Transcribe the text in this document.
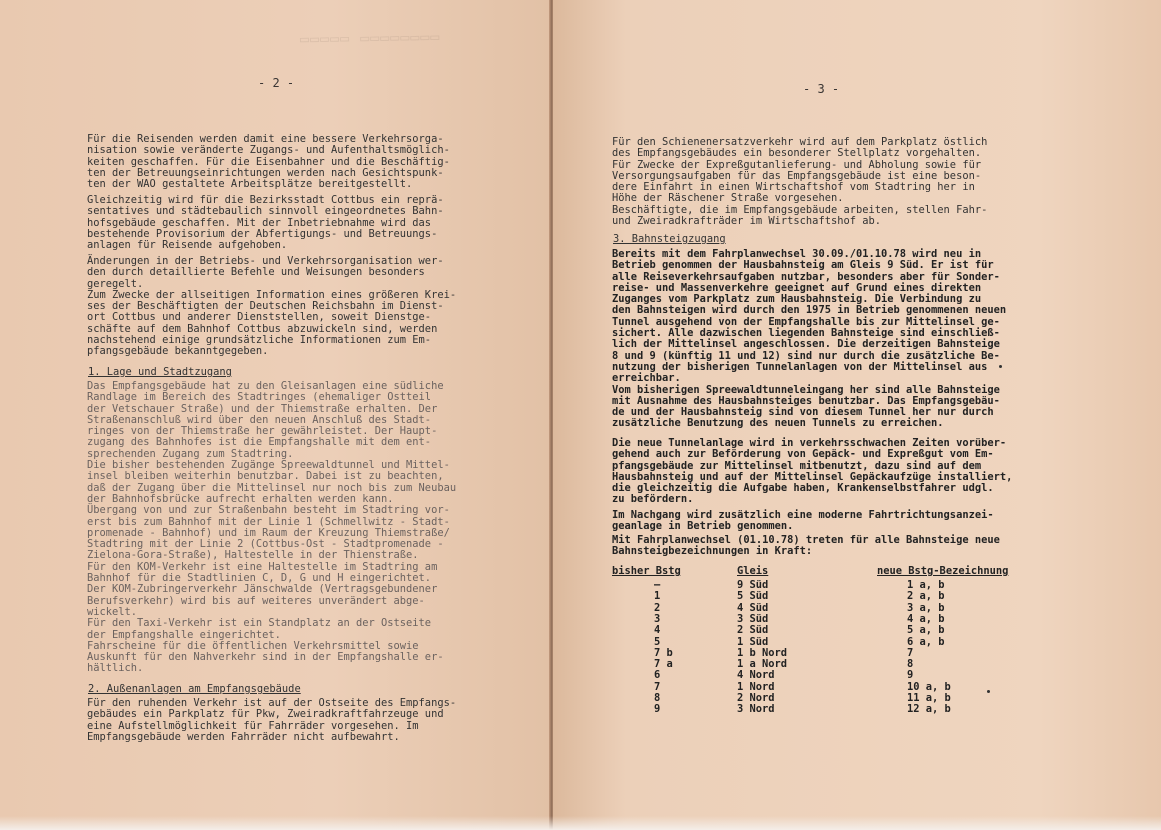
▭▭▭▭▭ ▭▭▭▭▭▭▭▭
- 2 -
Für die Reisenden werden damit eine bessere Verkehrsorga-
nisation sowie veränderte Zugangs- und Aufenthaltsmöglich-
keiten geschaffen. Für die Eisenbahner und die Beschäftig-
ten der Betreuungseinrichtungen werden nach Gesichtspunk-
ten der WAO gestaltete Arbeitsplätze bereitgestellt.
Gleichzeitig wird für die Bezirksstadt Cottbus ein reprä-
sentatives und städtebaulich sinnvoll eingeordnetes Bahn-
hofsgebäude geschaffen. Mit der Inbetriebnahme wird das
bestehende Provisorium der Abfertigungs- und Betreuungs-
anlagen für Reisende aufgehoben.
Änderungen in der Betriebs- und Verkehrsorganisation wer-
den durch detaillierte Befehle und Weisungen besonders
geregelt.
Zum Zwecke der allseitigen Information eines größeren Krei-
ses der Beschäftigten der Deutschen Reichsbahn im Dienst-
ort Cottbus und anderer Dienststellen, soweit Dienstge-
schäfte auf dem Bahnhof Cottbus abzuwickeln sind, werden
nachstehend einige grundsätzliche Informationen zum Em-
pfangsgebäude bekanntgegeben.
1. Lage und Stadtzugang
Das Empfangsgebäude hat zu den Gleisanlagen eine südliche
Randlage im Bereich des Stadtringes (ehemaliger Ostteil
der Vetschauer Straße) und der Thiemstraße erhalten. Der
Straßenanschluß wird über den neuen Anschluß des Stadt-
ringes von der Thiemstraße her gewährleistet. Der Haupt-
zugang des Bahnhofes ist die Empfangshalle mit dem ent-
sprechenden Zugang zum Stadtring.
Die bisher bestehenden Zugänge Spreewaldtunnel und Mittel-
insel bleiben weiterhin benutzbar. Dabei ist zu beachten,
daß der Zugang über die Mittelinsel nur noch bis zum Neubau
der Bahnhofsbrücke aufrecht erhalten werden kann.
Übergang von und zur Straßenbahn besteht im Stadtring vor-
erst bis zum Bahnhof mit der Linie 1 (Schmellwitz - Stadt-
promenade - Bahnhof) und im Raum der Kreuzung Thiemstraße/
Stadtring mit der Linie 2 (Cottbus-Ost - Stadtpromenade -
Zielona-Gora-Straße), Haltestelle in der Thienstraße.
Für den KOM-Verkehr ist eine Haltestelle im Stadtring am
Bahnhof für die Stadtlinien C, D, G und H eingerichtet.
Der KOM-Zubringerverkehr Jänschwalde (Vertragsgebundener
Berufsverkehr) wird bis auf weiteres unverändert abge-
wickelt.
Für den Taxi-Verkehr ist ein Standplatz an der Ostseite
der Empfangshalle eingerichtet.
Fahrscheine für die öffentlichen Verkehrsmittel sowie
Auskunft für den Nahverkehr sind in der Empfangshalle er-
hältlich.
2. Außenanlagen am Empfangsgebäude
Für den ruhenden Verkehr ist auf der Ostseite des Empfangs-
gebäudes ein Parkplatz für Pkw, Zweiradkraftfahrzeuge und
eine Aufstellmöglichkeit für Fahrräder vorgesehen. Im
Empfangsgebäude werden Fahrräder nicht aufbewahrt.
- 3 -
Für den Schienenersatzverkehr wird auf dem Parkplatz östlich
des Empfangsgebäudes ein besonderer Stellplatz vorgehalten.
Für Zwecke der Expreßgutanlieferung- und Abholung sowie für
Versorgungsaufgaben für das Empfangsgebäude ist eine beson-
dere Einfahrt in einen Wirtschaftshof vom Stadtring her in
Höhe der Räschener Straße vorgesehen.
Beschäftigte, die im Empfangsgebäude arbeiten, stellen Fahr-
und Zweiradkrafträder im Wirtschaftshof ab.
3. Bahnsteigzugang
Bereits mit dem Fahrplanwechsel 30.09./01.10.78 wird neu in
Betrieb genommen der Hausbahnsteig am Gleis 9 Süd. Er ist für
alle Reiseverkehrsaufgaben nutzbar, besonders aber für Sonder-
reise- und Massenverkehre geeignet auf Grund eines direkten
Zuganges vom Parkplatz zum Hausbahnsteig. Die Verbindung zu
den Bahnsteigen wird durch den 1975 in Betrieb genommenen neuen
Tunnel ausgehend von der Empfangshalle bis zur Mittelinsel ge-
sichert. Alle dazwischen liegenden Bahnsteige sind einschließ-
lich der Mittelinsel angeschlossen. Die derzeitigen Bahnsteige
8 und 9 (künftig 11 und 12) sind nur durch die zusätzliche Be-
nutzung der bisherigen Tunnelanlagen von der Mittelinsel aus
erreichbar.
Vom bisherigen Spreewaldtunneleingang her sind alle Bahnsteige
mit Ausnahme des Hausbahnsteiges benutzbar. Das Empfangsgebäu-
de und der Hausbahnsteig sind von diesem Tunnel her nur durch
zusätzliche Benutzung des neuen Tunnels zu erreichen.
Die neue Tunnelanlage wird in verkehrsschwachen Zeiten vorüber-
gehend auch zur Beförderung von Gepäck- und Expreßgut vom Em-
pfangsgebäude zur Mittelinsel mitbenutzt, dazu sind auf dem
Hausbahnsteig und auf der Mittelinsel Gepäckaufzüge installiert,
die gleichzeitig die Aufgabe haben, Krankenselbstfahrer udgl.
zu befördern.
Im Nachgang wird zusätzlich eine moderne Fahrtrichtungsanzei-
geanlage in Betrieb genommen.
Mit Fahrplanwechsel (01.10.78) treten für alle Bahnsteige neue
Bahnsteigbezeichnungen in Kraft:
bisher Bstg	Gleis	neue Bstg-Bezeichnung
–	9 Süd	1 a, b
1	5 Süd	2 a, b
2	4 Süd	3 a, b
3	3 Süd	4 a, b
4	2 Süd	5 a, b
5	1 Süd	6 a, b
7 b	1 b Nord	7
7 a	1 a Nord	8
6	4 Nord	9
7	1 Nord	10 a, b
8	2 Nord	11 a, b
9	3 Nord	12 a, b
